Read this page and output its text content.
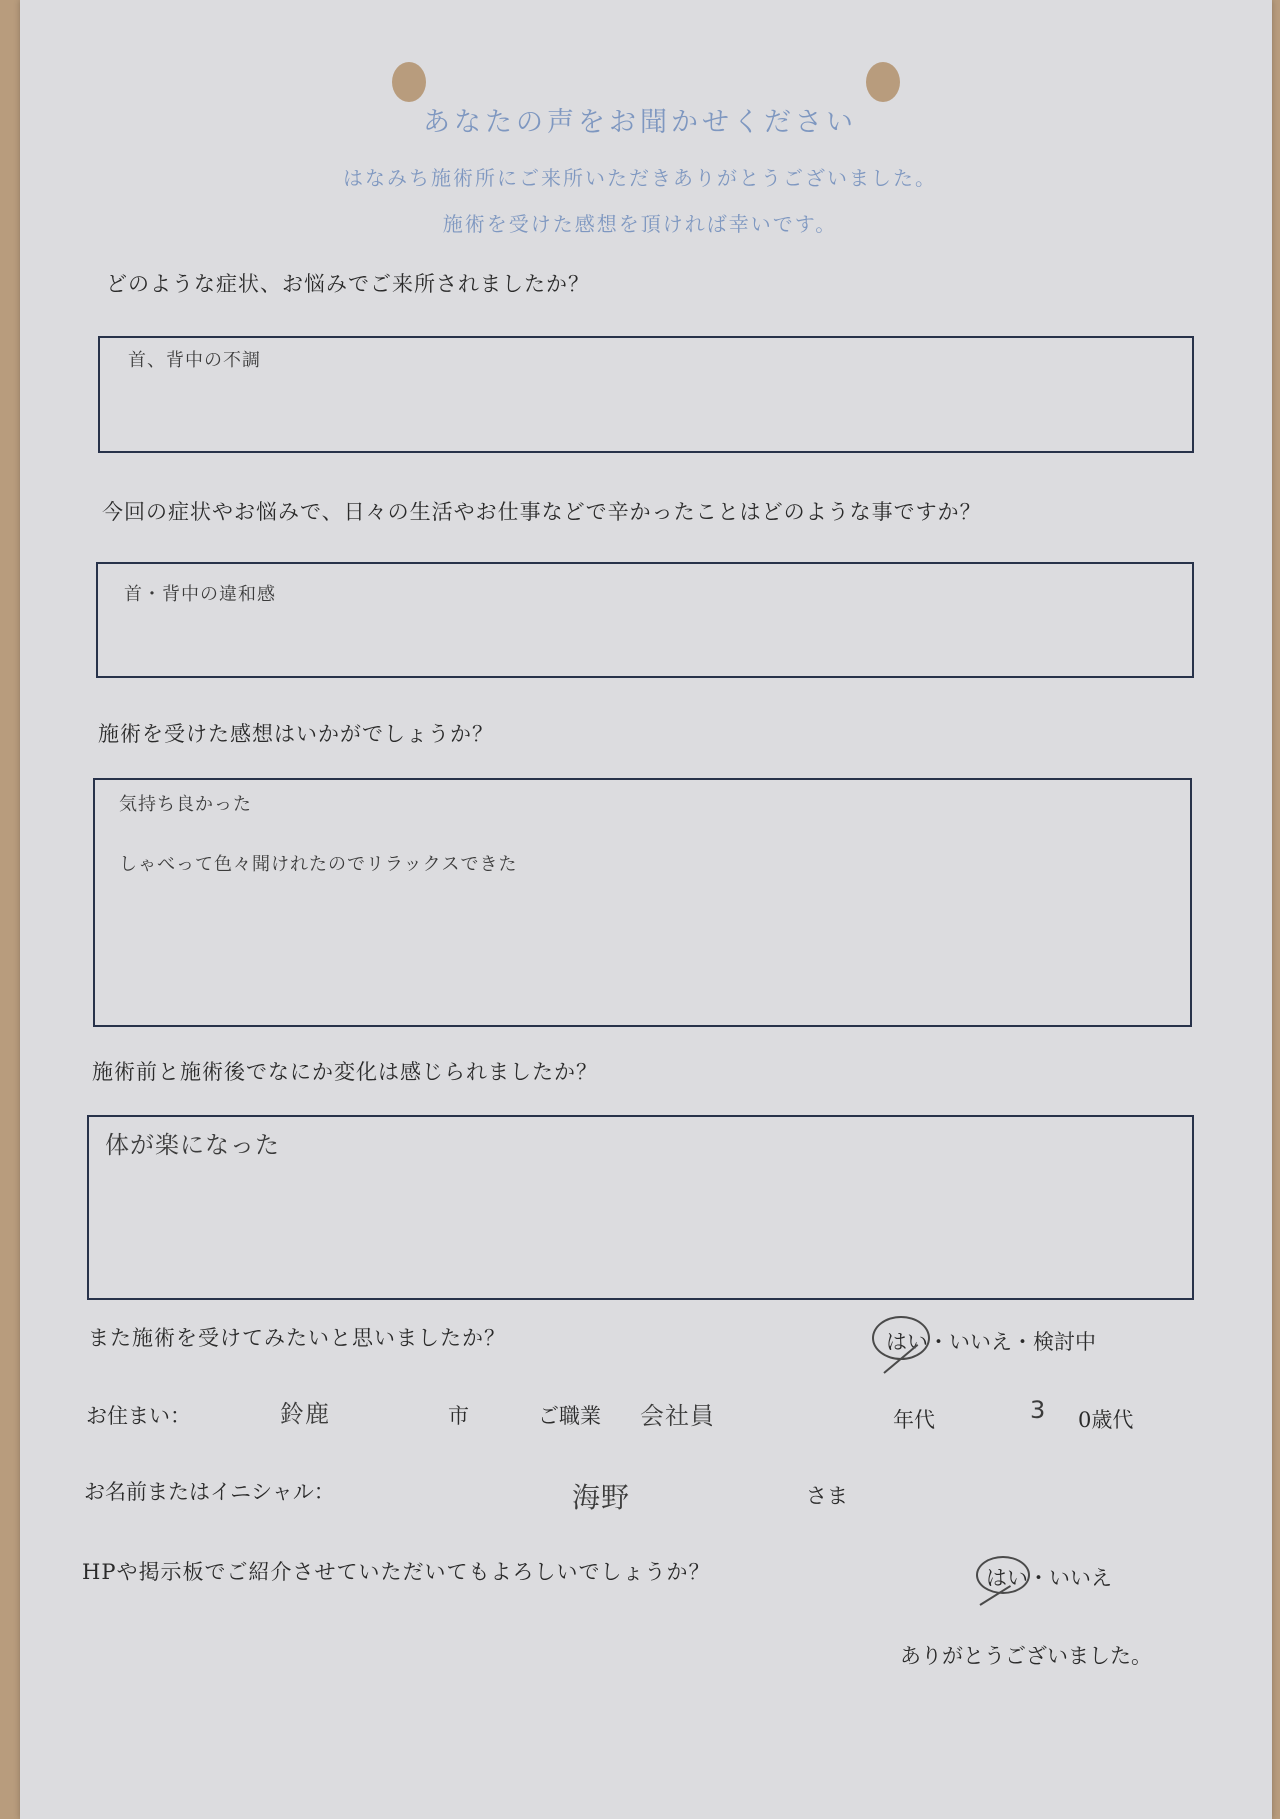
あなたの声をお聞かせください
はなみち施術所にご来所いただきありがとうございました。
施術を受けた感想を頂ければ幸いです。
どのような症状、お悩みでご来所されましたか？
首、背中の不調
今回の症状やお悩みで、日々の生活やお仕事などで辛かったことはどのような事ですか？
首・背中の違和感
施術を受けた感想はいかがでしょうか？
気持ち良かった
しゃべって色々聞けれたのでリラックスできた
施術前と施術後でなにか変化は感じられましたか？
体が楽になった
また施術を受けてみたいと思いましたか？	はい・いいえ・検討中
お住まい：	鈴鹿	市	ご職業 会社員	年代	3 0歳代
お名前またはイニシャル：	海野	さま
HPや掲示板でご紹介させていただいてもよろしいでしょうか？	はい・いいえ
ありがとうございました。
